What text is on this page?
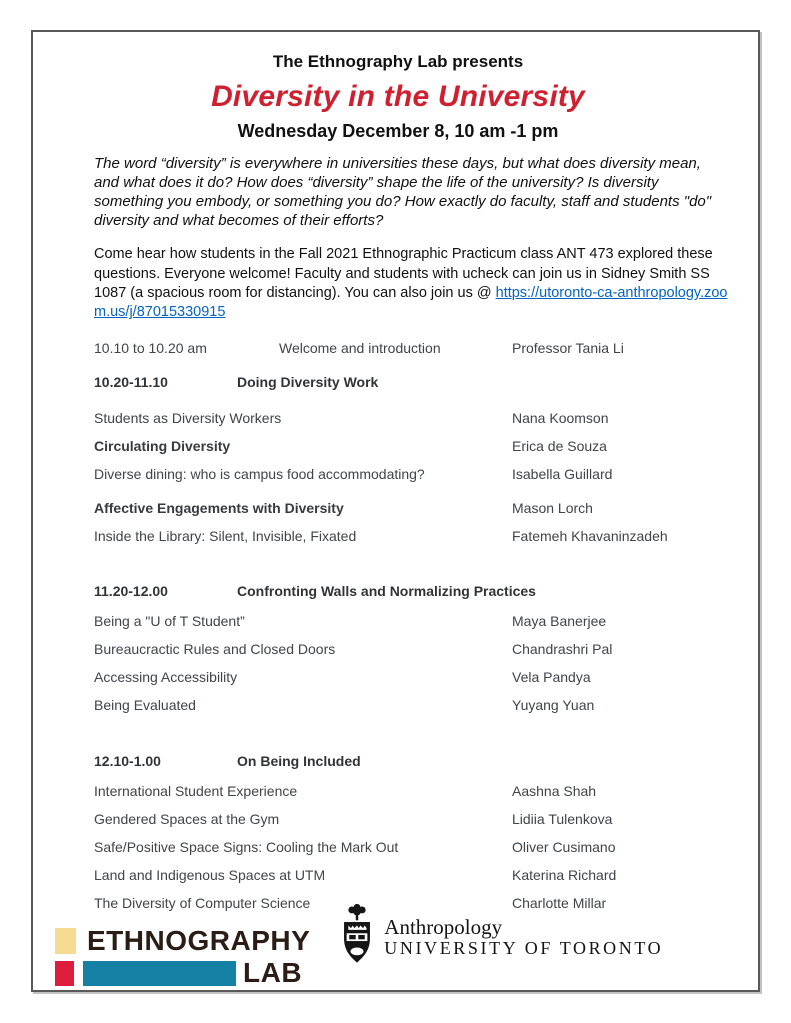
The Ethnography Lab presents
Diversity in the University
Wednesday December 8, 10 am -1 pm

The word “diversity” is everywhere in universities these days, but what does diversity mean, and what does it do? How does “diversity” shape the life of the university? Is diversity something you embody, or something you do? How exactly do faculty, staff and students "do" diversity and what becomes of their efforts?

Come hear how students in the Fall 2021 Ethnographic Practicum class ANT 473 explored these questions. Everyone welcome! Faculty and students with ucheck can join us in Sidney Smith SS 1087 (a spacious room for distancing). You can also join us @ https://utoronto-ca-anthropology.zoom.us/j/87015330915

10.10 to 10.20 am	Welcome and introduction	Professor Tania Li
10.20-11.10	Doing Diversity Work
Students as Diversity Workers	Nana Koomson
Circulating Diversity	Erica de Souza
Diverse dining: who is campus food accommodating?	Isabella Guillard
Affective Engagements with Diversity	Mason Lorch
Inside the Library: Silent, Invisible, Fixated	Fatemeh Khavaninzadeh
11.20-12.00	Confronting Walls and Normalizing Practices
Being a "U of T Student”	Maya Banerjee
Bureaucractic Rules and Closed Doors	Chandrashri Pal
Accessing Accessibility	Vela Pandya
Being Evaluated	Yuyang Yuan
12.10-1.00	On Being Included
International Student Experience	Aashna Shah
Gendered Spaces at the Gym	Lidiia Tulenkova
Safe/Positive Space Signs: Cooling the Mark Out	Oliver Cusimano
Land and Indigenous Spaces at UTM	Katerina Richard
The Diversity of Computer Science	Charlotte Millar
ETHNOGRAPHY
LAB
Anthropology
UNIVERSITY OF TORONTO
